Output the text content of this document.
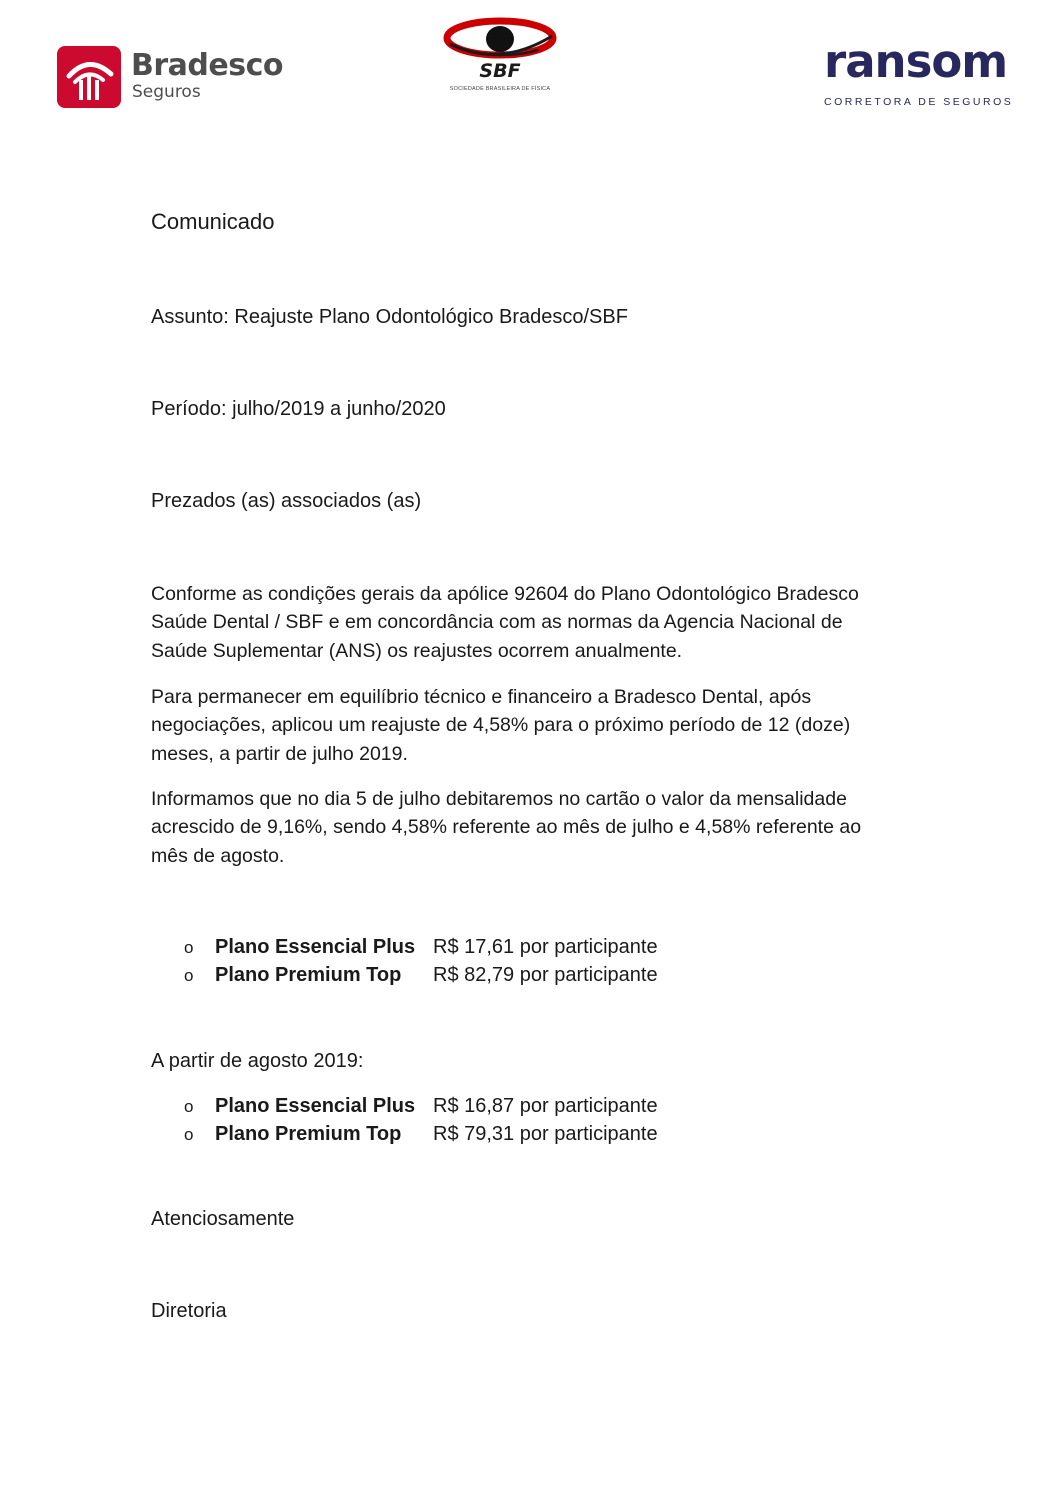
Bradesco
Seguros
SBF
SOCIEDADE BRASILEIRA DE FÍSICA
ransom
CORRETORA DE SEGUROS
Comunicado
Assunto: Reajuste Plano Odontológico Bradesco/SBF
Período: julho/2019 a junho/2020
Prezados (as) associados (as)
Conforme as condições gerais da apólice 92604 do Plano Odontológico Bradesco Saúde Dental / SBF e em concordância com as normas da Agencia Nacional de Saúde Suplementar (ANS) os reajustes ocorrem anualmente.
Para permanecer em equilíbrio técnico e financeiro a Bradesco Dental, após negociações, aplicou um reajuste de 4,58% para o próximo período de 12 (doze) meses, a partir de julho 2019.
Informamos que no dia 5 de julho debitaremos no cartão o valor da mensalidade acrescido de 9,16%, sendo 4,58% referente ao mês de julho e 4,58% referente ao mês de agosto.
o	Plano Essencial Plus R$ 17,61 por participante
o	Plano Premium Top	R$ 82,79 por participante
A partir de agosto 2019:
o	Plano Essencial Plus R$ 16,87 por participante
o	Plano Premium Top	R$ 79,31 por participante
Atenciosamente
Diretoria
